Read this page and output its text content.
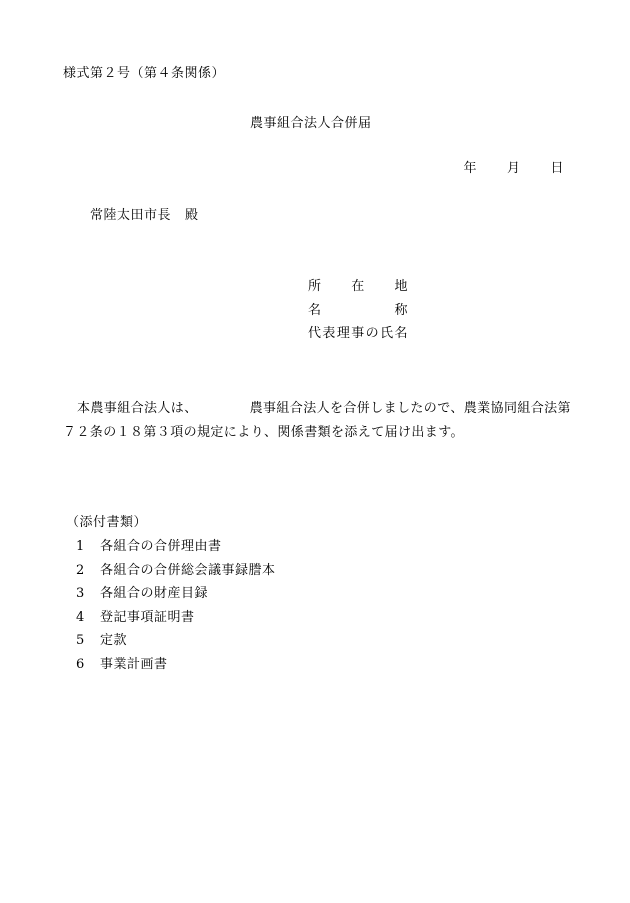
様式第２号（第４条関係）
農事組合法人合併届
年 月 日
常陸太田市長 殿
所在地
名称
代表理事の氏名
本農事組合法人は、	農事組合法人を合併しましたので、農業協同組合法第７２条の１８第３項の規定により、関係書類を添えて届け出ます。
（添付書類）
1 各組合の合併理由書
2 各組合の合併総会議事録謄本
3 各組合の財産目録
4 登記事項証明書
5 定款
6 事業計画書
